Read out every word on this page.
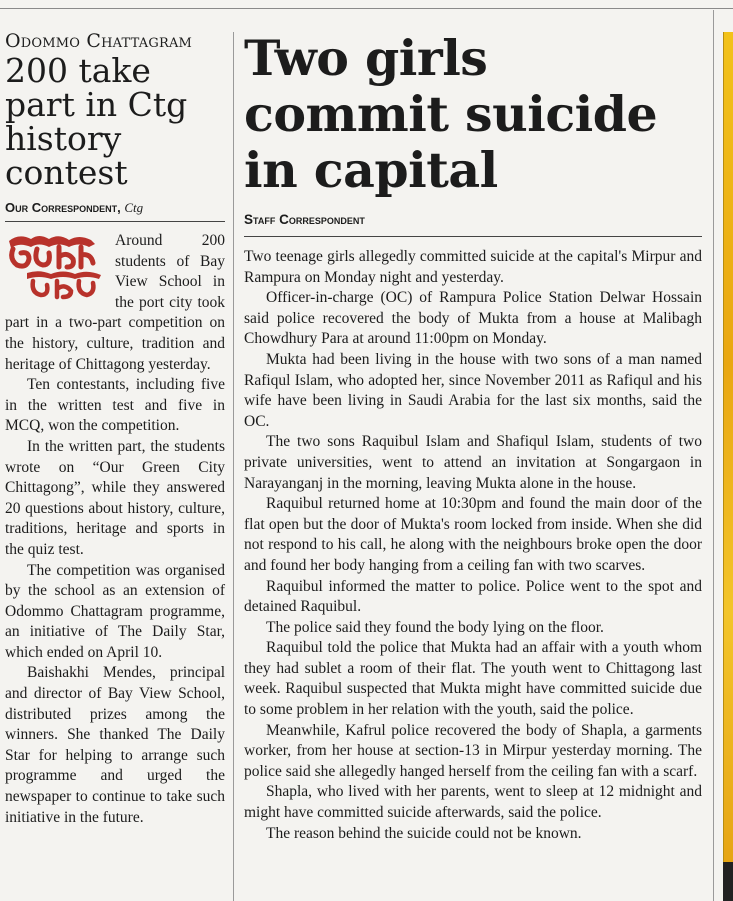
Odommo Chattagram
200 take part in Ctg history contest
Our Correspondent, Ctg

Around 200 students of Bay View School in the port city took part in a two-part competition on the history, culture, tradition and heritage of Chittagong yesterday.

Ten contestants, including five in the written test and five in MCQ, won the competition.

In the written part, the students wrote on “Our Green City Chittagong”, while they answered 20 questions about history, culture, traditions, heritage and sports in the quiz test.

The competition was organised by the school as an extension of Odommo Chattagram programme, an initiative of The Daily Star, which ended on April 10.

Baishakhi Mendes, principal and director of Bay View School, distributed prizes among the winners. She thanked The Daily Star for helping to arrange such programme and urged the newspaper to continue to take such initiative in the future.

Two girls commit suicide in capital
Staff Correspondent

Two teenage girls allegedly committed suicide at the capital's Mirpur and Rampura on Monday night and yesterday.

Officer-in-charge (OC) of Rampura Police Station Delwar Hossain said police recovered the body of Mukta from a house at Malibagh Chowdhury Para at around 11:00pm on Monday.

Mukta had been living in the house with two sons of a man named Rafiqul Islam, who adopted her, since November 2011 as Rafiqul and his wife have been living in Saudi Arabia for the last six months, said the OC.

The two sons Raquibul Islam and Shafiqul Islam, students of two private universities, went to attend an invitation at Songargaon in Narayanganj in the morning, leaving Mukta alone in the house.

Raquibul returned home at 10:30pm and found the main door of the flat open but the door of Mukta's room locked from inside. When she did not respond to his call, he along with the neighbours broke open the door and found her body hanging from a ceiling fan with two scarves.

Raquibul informed the matter to police. Police went to the spot and detained Raquibul.

The police said they found the body lying on the floor.

Raquibul told the police that Mukta had an affair with a youth whom they had sublet a room of their flat. The youth went to Chittagong last week. Raquibul suspected that Mukta might have committed suicide due to some problem in her relation with the youth, said the police.

Meanwhile, Kafrul police recovered the body of Shapla, a garments worker, from her house at section-13 in Mirpur yesterday morning. The police said she allegedly hanged herself from the ceiling fan with a scarf.

Shapla, who lived with her parents, went to sleep at 12 midnight and might have committed suicide afterwards, said the police.

The reason behind the suicide could not be known.
